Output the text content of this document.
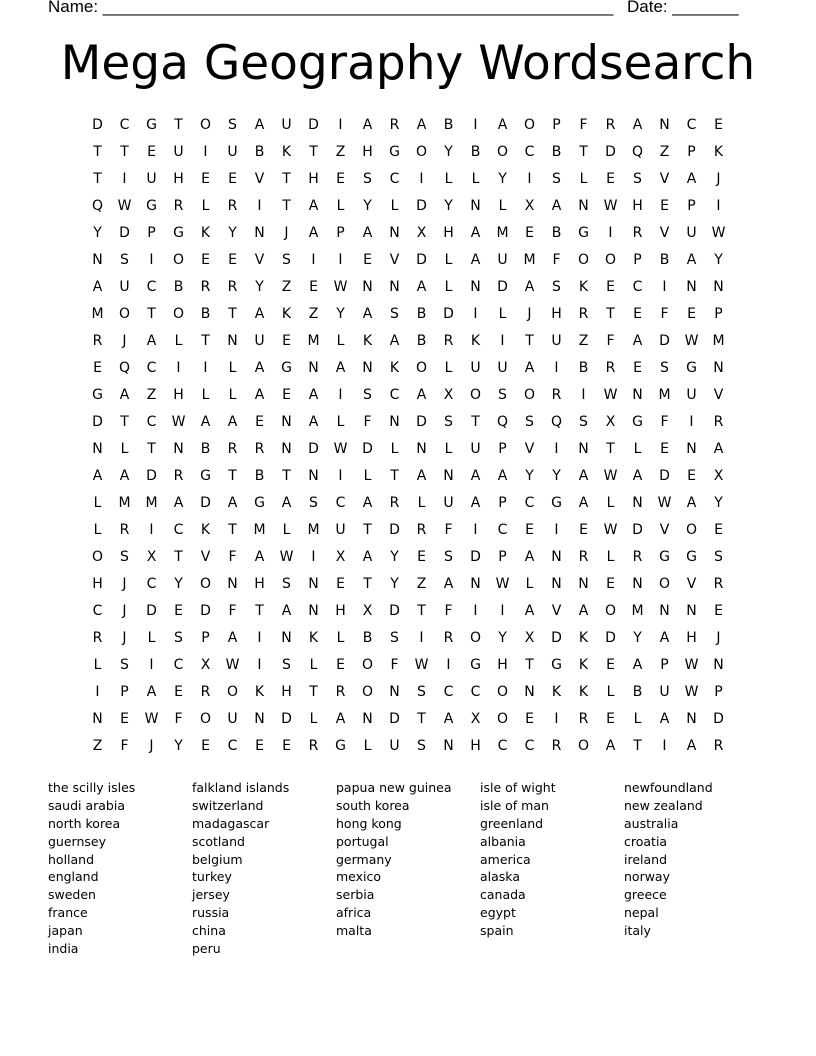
Name: ______________________________________________________ Date: _______
Mega Geography Wordsearch
D	C	G	T	O	S	A	U	D	I	A	R	A	B	I	A	O	P	F	R	A	N	C	E
T	T	E	U	I	U	B	K	T	Z	H	G	O	Y	B	O	C	B	T	D	Q	Z	P	K
T	I	U	H	E	E	V	T	H	E	S	C	I	L	L	Y	I	S	L	E	S	V	A	J
Q	W	G	R	L	R	I	T	A	L	Y	L	D	Y	N	L	X	A	N	W	H	E	P	I
Y	D	P	G	K	Y	N	J	A	P	A	N	X	H	A	M	E	B	G	I	R	V	U	W
N	S	I	O	E	E	V	S	I	I	E	V	D	L	A	U	M	F	O	O	P	B	A	Y
A	U	C	B	R	R	Y	Z	E	W	N	N	A	L	N	D	A	S	K	E	C	I	N	N
M	O	T	O	B	T	A	K	Z	Y	A	S	B	D	I	L	J	H	R	T	E	F	E	P
R	J	A	L	T	N	U	E	M	L	K	A	B	R	K	I	T	U	Z	F	A	D	W	M
E	Q	C	I	I	L	A	G	N	A	N	K	O	L	U	U	A	I	B	R	E	S	G	N
G	A	Z	H	L	L	A	E	A	I	S	C	A	X	O	S	O	R	I	W	N	M	U	V
D	T	C	W	A	A	E	N	A	L	F	N	D	S	T	Q	S	Q	S	X	G	F	I	R
N	L	T	N	B	R	R	N	D	W	D	L	N	L	U	P	V	I	N	T	L	E	N	A
A	A	D	R	G	T	B	T	N	I	L	T	A	N	A	A	Y	Y	A	W	A	D	E	X
L	M	M	A	D	A	G	A	S	C	A	R	L	U	A	P	C	G	A	L	N	W	A	Y
L	R	I	C	K	T	M	L	M	U	T	D	R	F	I	C	E	I	E	W	D	V	O	E
O	S	X	T	V	F	A	W	I	X	A	Y	E	S	D	P	A	N	R	L	R	G	G	S
H	J	C	Y	O	N	H	S	N	E	T	Y	Z	A	N	W	L	N	N	E	N	O	V	R
C	J	D	E	D	F	T	A	N	H	X	D	T	F	I	I	A	V	A	O	M	N	N	E
R	J	L	S	P	A	I	N	K	L	B	S	I	R	O	Y	X	D	K	D	Y	A	H	J
L	S	I	C	X	W	I	S	L	E	O	F	W	I	G	H	T	G	K	E	A	P	W	N
I	P	A	E	R	O	K	H	T	R	O	N	S	C	C	O	N	K	K	L	B	U	W	P
N	E	W	F	O	U	N	D	L	A	N	D	T	A	X	O	E	I	R	E	L	A	N	D
Z	F	J	Y	E	C	E	E	R	G	L	U	S	N	H	C	C	R	O	A	T	I	A	R
the scilly isles
saudi arabia
north korea
guernsey
holland
england
sweden
france
japan
india
falkland islands
switzerland
madagascar
scotland
belgium
turkey
jersey
russia
china
peru
papua new guinea
south korea
hong kong
portugal
germany
mexico
serbia
africa
malta
isle of wight
isle of man
greenland
albania
america
alaska
canada
egypt
spain
newfoundland
new zealand
australia
croatia
ireland
norway
greece
nepal
italy
